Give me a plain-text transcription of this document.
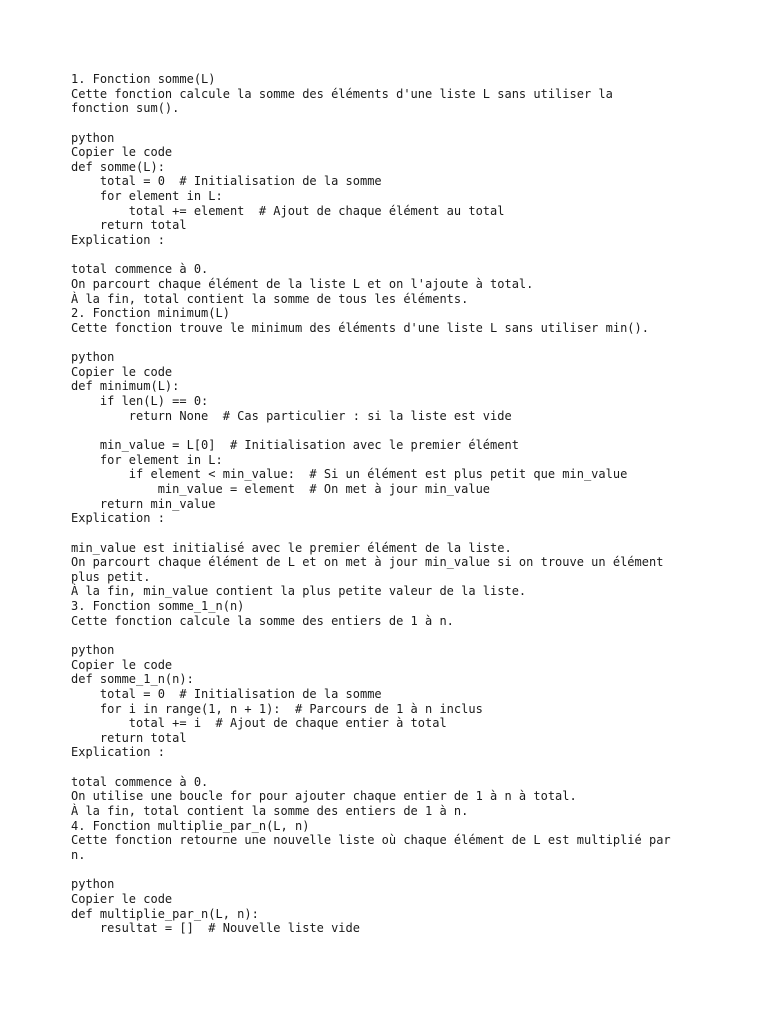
1. Fonction somme(L)
Cette fonction calcule la somme des éléments d'une liste L sans utiliser la
fonction sum().
python
Copier le code
def somme(L):
total = 0  # Initialisation de la somme
for element in L:
total += element  # Ajout de chaque élément au total
return total
Explication :
total commence à 0.
On parcourt chaque élément de la liste L et on l'ajoute à total.
À la fin, total contient la somme de tous les éléments.
2. Fonction minimum(L)
Cette fonction trouve le minimum des éléments d'une liste L sans utiliser min().
python
Copier le code
def minimum(L):
if len(L) == 0:
return None  # Cas particulier : si la liste est vide
min_value = L[0]  # Initialisation avec le premier élément
for element in L:
if element < min_value:  # Si un élément est plus petit que min_value
min_value = element  # On met à jour min_value
return min_value
Explication :
min_value est initialisé avec le premier élément de la liste.
On parcourt chaque élément de L et on met à jour min_value si on trouve un élément
plus petit.
À la fin, min_value contient la plus petite valeur de la liste.
3. Fonction somme_1_n(n)
Cette fonction calcule la somme des entiers de 1 à n.
python
Copier le code
def somme_1_n(n):
total = 0  # Initialisation de la somme
for i in range(1, n + 1):  # Parcours de 1 à n inclus
total += i  # Ajout de chaque entier à total
return total
Explication :
total commence à 0.
On utilise une boucle for pour ajouter chaque entier de 1 à n à total.
À la fin, total contient la somme des entiers de 1 à n.
4. Fonction multiplie_par_n(L, n)
Cette fonction retourne une nouvelle liste où chaque élément de L est multiplié par
n.
python
Copier le code
def multiplie_par_n(L, n):
resultat = []  # Nouvelle liste vide
